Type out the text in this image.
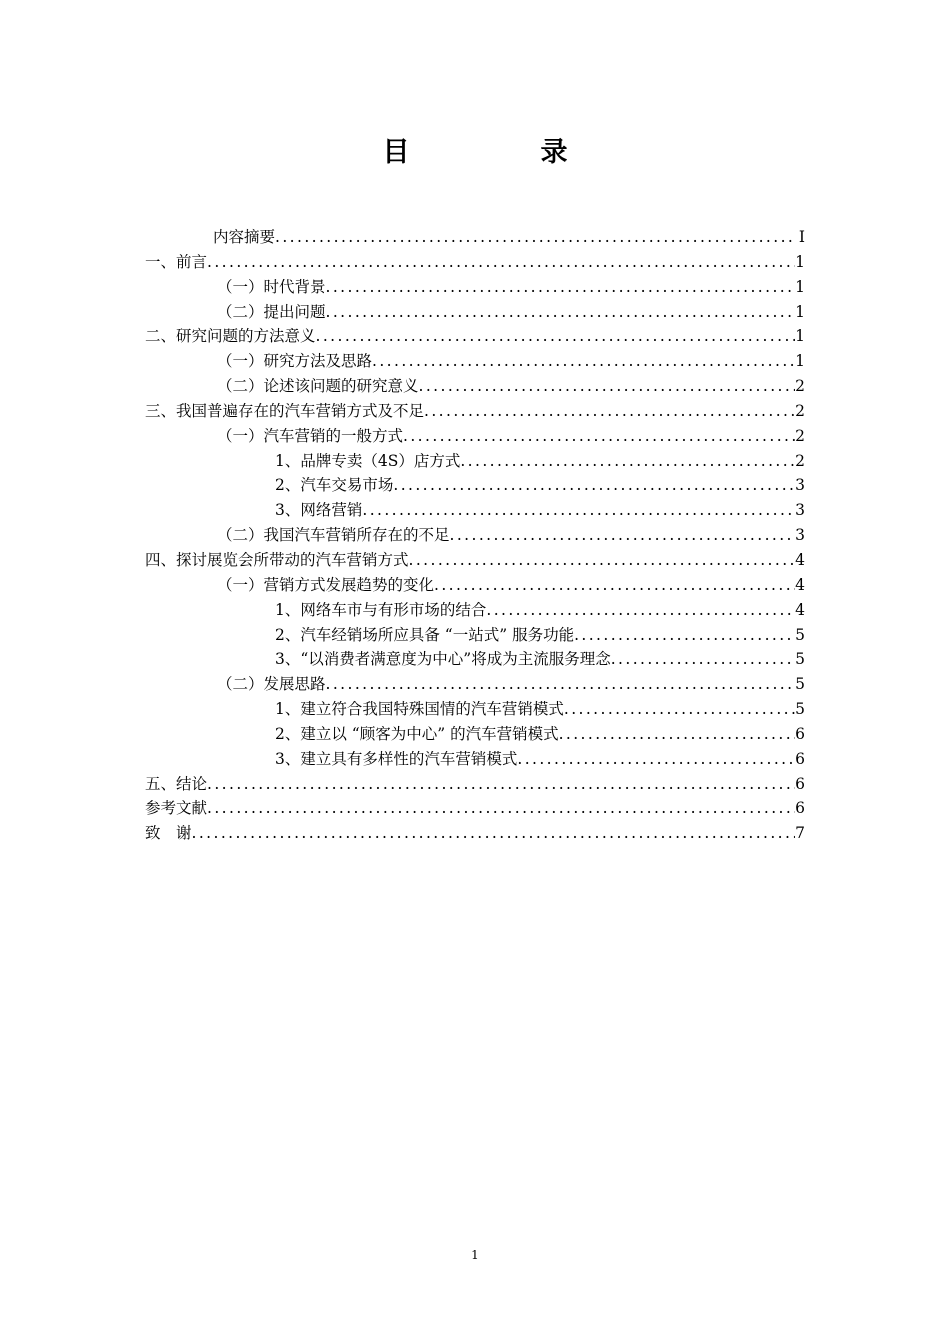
目　录
内容摘要 .....	Ⅰ
一、前言 .....	1
（一）时代背景 .....	1
（二）提出问题 .....	1
二、研究问题的方法意义 .....	1
（一）研究方法及思路 .....	1
（二）论述该问题的研究意义 .....	2
三、我国普遍存在的汽车营销方式及不足 .....	2
（一）汽车营销的一般方式 .....	2
1、品牌专卖（4S）店方式 .....	2
2、汽车交易市场 .....	3
3、网络营销 .....	3
（二）我国汽车营销所存在的不足 .....	3
四、探讨展览会所带动的汽车营销方式 .....	4
（一）营销方式发展趋势的变化 .....	4
1、网络车市与有形市场的结合 .....	4
2、汽车经销场所应具备 “一站式” 服务功能 .....	5
3、“以消费者满意度为中心”将成为主流服务理念 .....	5
（二）发展思路 .....	5
1、建立符合我国特殊国情的汽车营销模式 .....	5
2、建立以 “顾客为中心” 的汽车营销模式 .....	6
3、建立具有多样性的汽车营销模式 .....	6
五、结论 .....	6
参考文献 .....	6
致　谢 .....	7
1
